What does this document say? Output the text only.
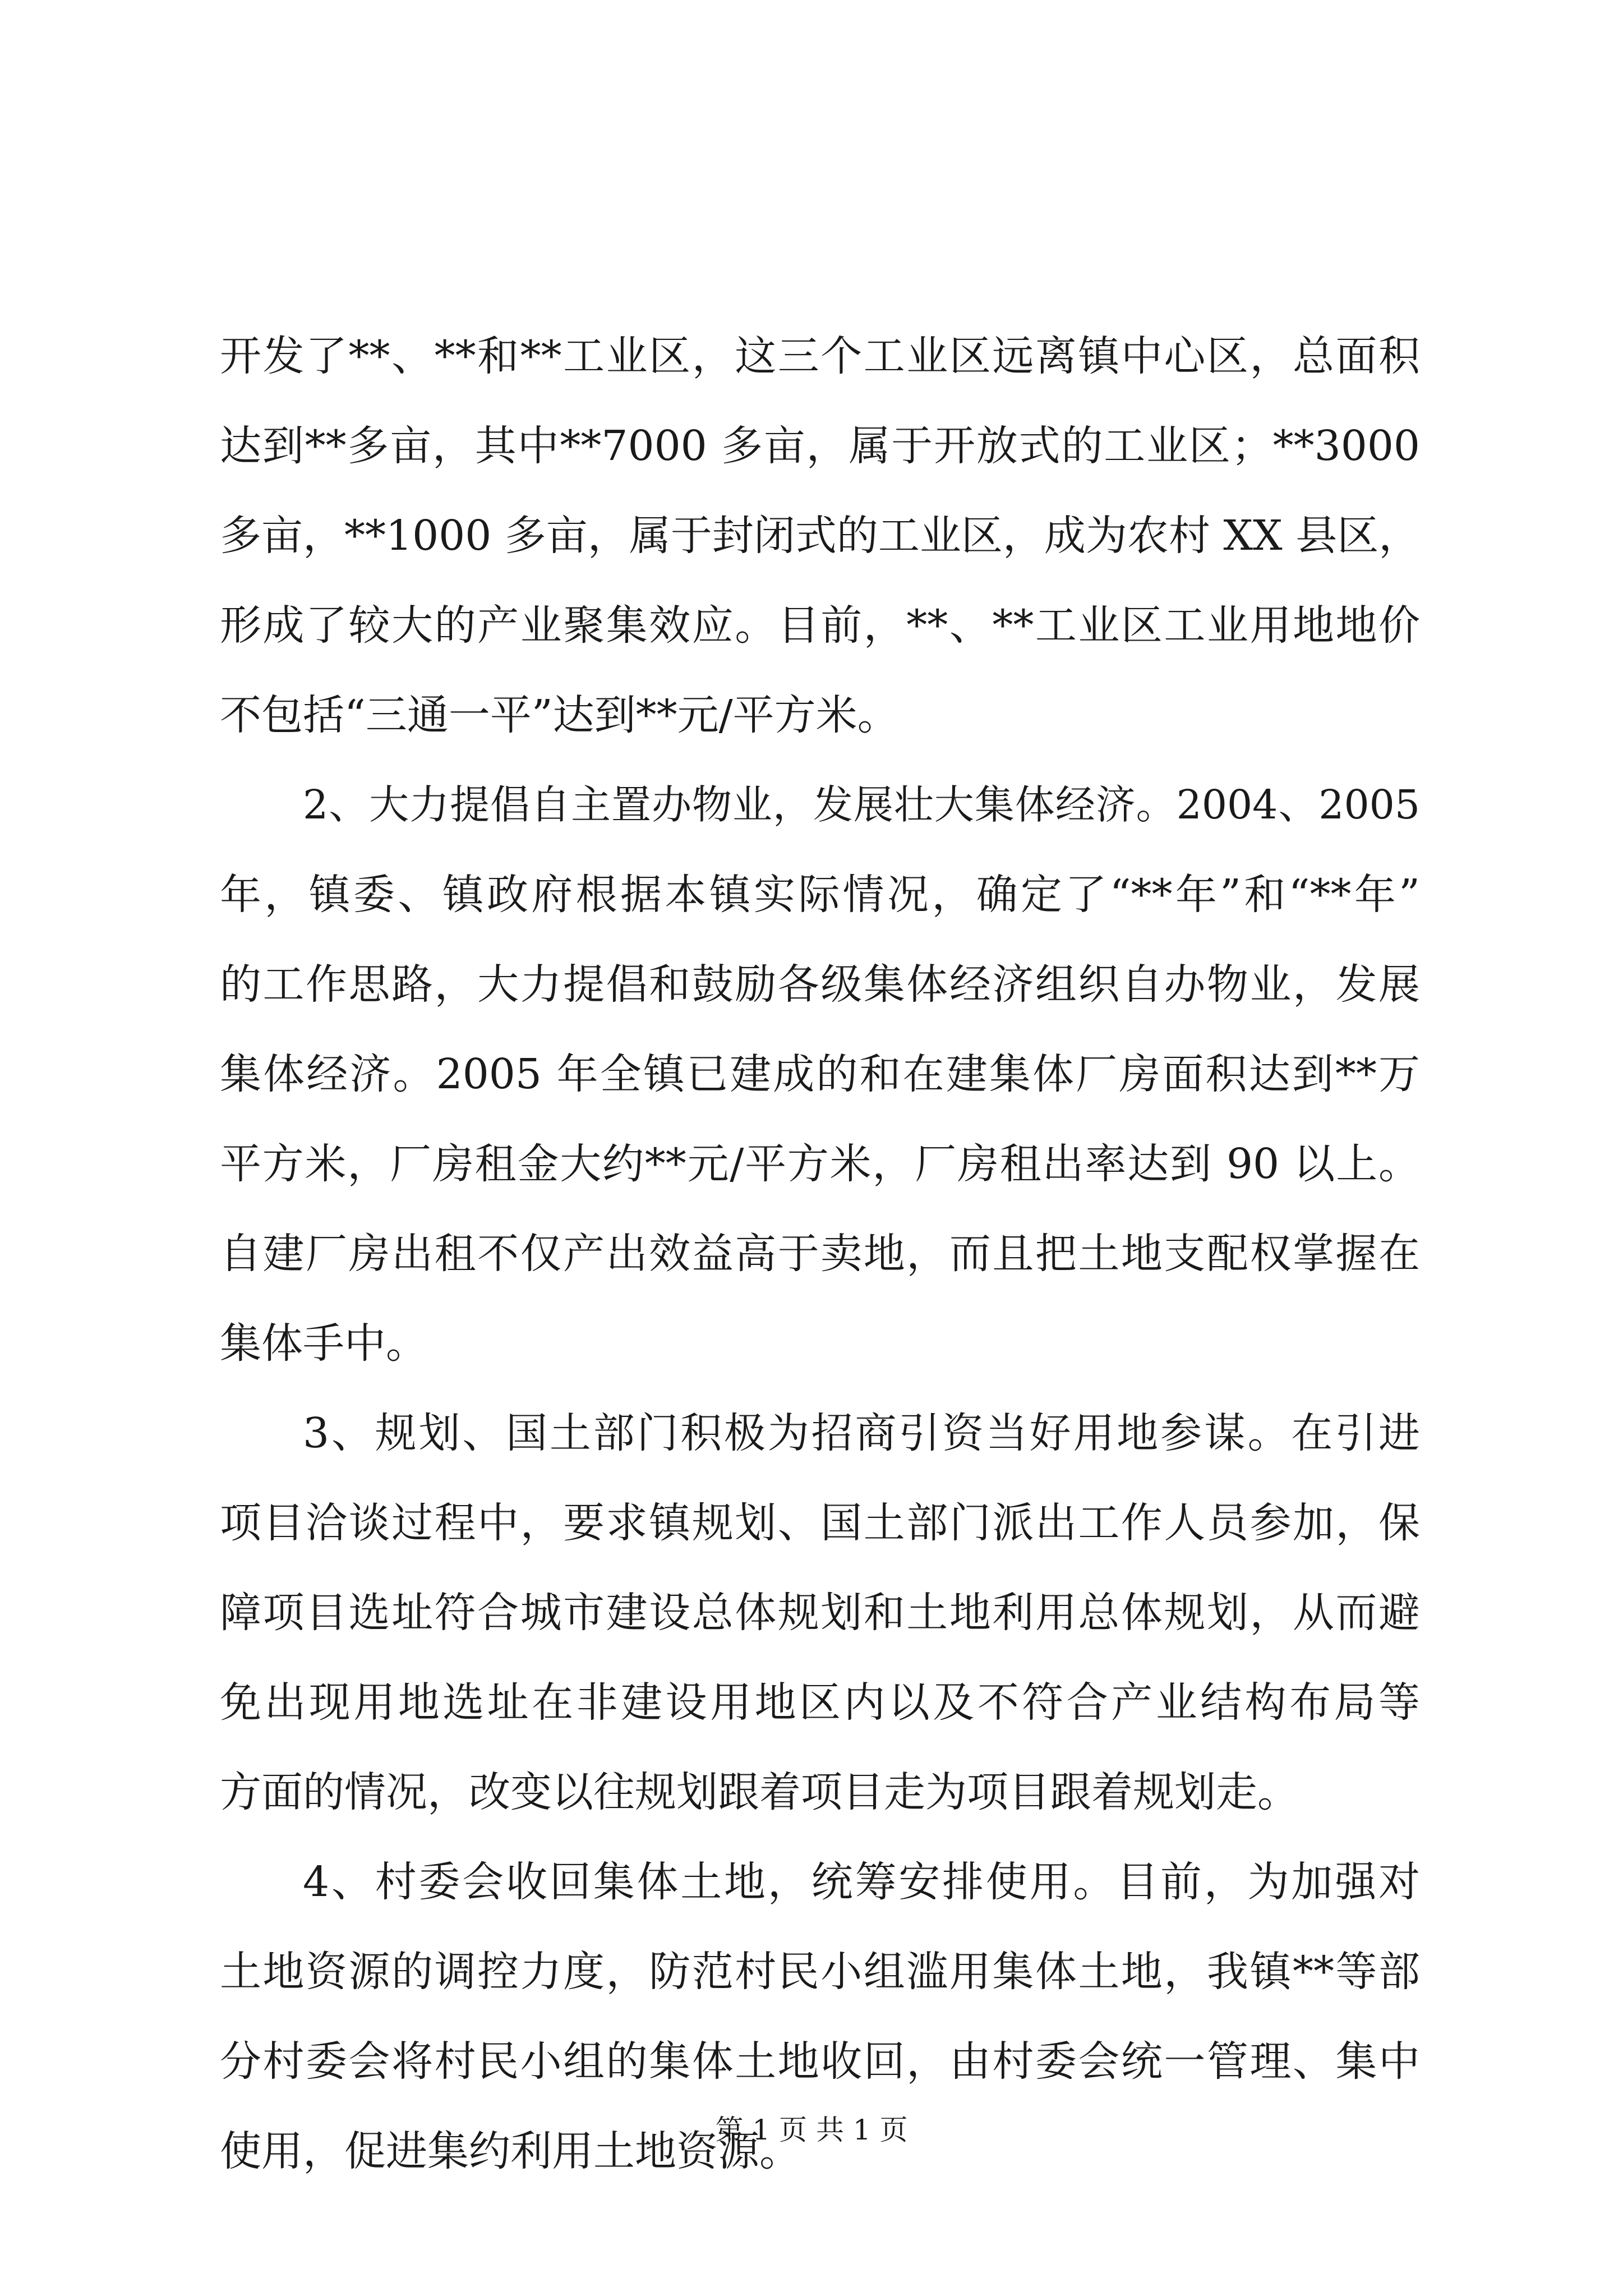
开发了**、**和**工业区，这三个工业区远离镇中心区，总面积
达到**多亩，其中**7000 多亩，属于开放式的工业区；**3000
多亩，**1000 多亩，属于封闭式的工业区，成为农村 XX 县区，
形成了较大的产业聚集效应。目前，**、**工业区工业用地地价
不包括“三通一平”达到**元/平方米。
2、大力提倡自主置办物业，发展壮大集体经济。2004、2005
年，镇委、镇政府根据本镇实际情况，确定了“**年”和“**年”
的工作思路，大力提倡和鼓励各级集体经济组织自办物业，发展
集体经济。2005 年全镇已建成的和在建集体厂房面积达到**万
平方米，厂房租金大约**元/平方米，厂房租出率达到 90 以上。
自建厂房出租不仅产出效益高于卖地，而且把土地支配权掌握在
集体手中。
3、规划、国土部门积极为招商引资当好用地参谋。在引进
项目洽谈过程中，要求镇规划、国土部门派出工作人员参加，保
障项目选址符合城市建设总体规划和土地利用总体规划，从而避
免出现用地选址在非建设用地区内以及不符合产业结构布局等
方面的情况，改变以往规划跟着项目走为项目跟着规划走。
4、村委会收回集体土地，统筹安排使用。目前，为加强对
土地资源的调控力度，防范村民小组滥用集体土地，我镇**等部
分村委会将村民小组的集体土地收回，由村委会统一管理、集中
使用，促进集约利用土地资源。
第 1 页 共 1 页
